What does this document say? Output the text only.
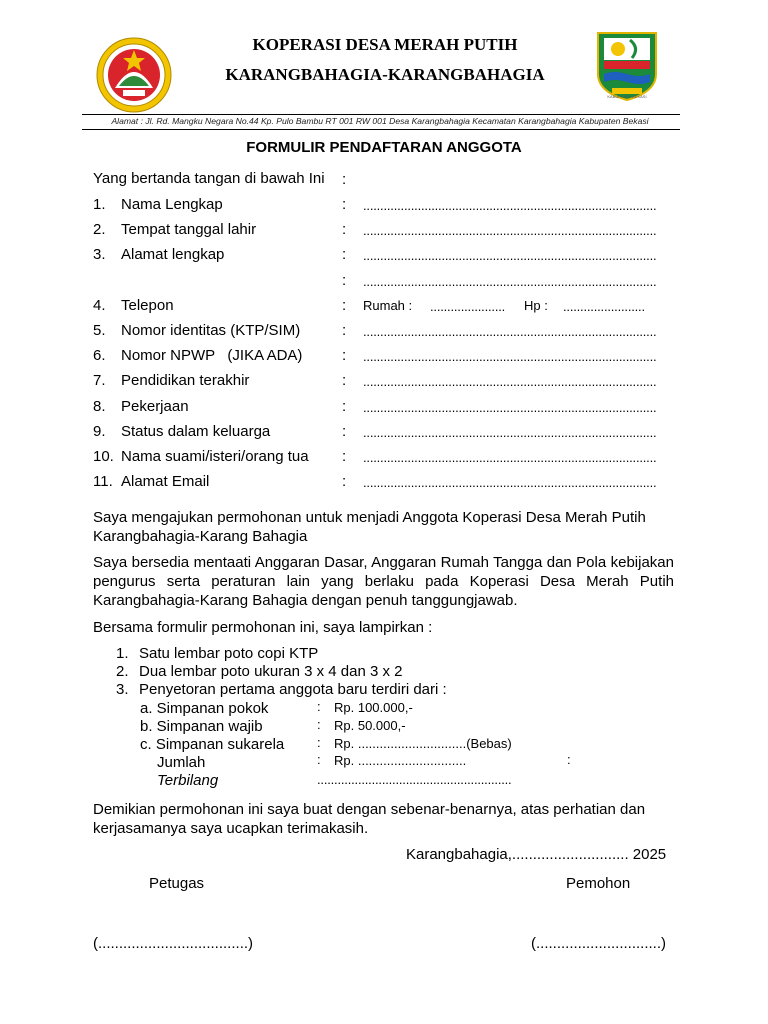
KABUPATEN BEKASI
KOPERASI DESA MERAH PUTIH
KARANGBAHAGIA-KARANGBAHAGIA
Alamat : Jl. Rd. Mangku Negara No.44 Kp. Pulo Bambu RT 001 RW 001 Desa Karangbahagia Kecamatan Karangbahagia Kabupaten Bekasi
FORMULIR PENDAFTARAN ANGGOTA
Yang bertanda tangan di bawah Ini :
1. Nama Lengkap	: ......................................................................................
2. Tempat tanggal lahir	: ......................................................................................
3. Alamat lengkap	: ......................................................................................
: ......................................................................................
4. Telepon	: Rumah : ...................... Hp : ........................
5. Nomor identitas (KTP/SIM)	: ......................................................................................
6. Nomor NPWP   (JIKA ADA)	: ......................................................................................
7. Pendidikan terakhir	: ......................................................................................
8. Pekerjaan	: ......................................................................................
9. Status dalam keluarga	: ......................................................................................
10. Nama suami/isteri/orang tua : ......................................................................................
11. Alamat Email	: ......................................................................................
Saya mengajukan permohonan untuk menjadi Anggota Koperasi Desa Merah Putih Karangbahagia-Karang Bahagia
Saya bersedia mentaati Anggaran Dasar, Anggaran Rumah Tangga dan Pola kebijakan pengurus serta peraturan lain yang berlaku pada Koperasi Desa Merah Putih Karangbahagia-Karang Bahagia dengan penuh tanggungjawab.
Bersama formulir permohonan ini, saya lampirkan :
1. Satu lembar poto copi KTP
2. Dua lembar poto ukuran 3 x 4 dan 3 x 2
3. Penyetoran pertama anggota baru terdiri dari :
a. Simpanan pokok	: Rp. 100.000,-
b. Simpanan wajib	: Rp. 50.000,-
c. Simpanan sukarela	: Rp. ..............................(Bebas)
Jumlah	: Rp. ..............................	:
Terbilang	.........................................................
Demikian permohonan ini saya buat dengan sebenar-benarnya, atas perhatian dan kerjasamanya saya ucapkan terimakasih.
Karangbahagia,............................ 2025
Petugas	Pemohon
(....................................)	(..............................)
